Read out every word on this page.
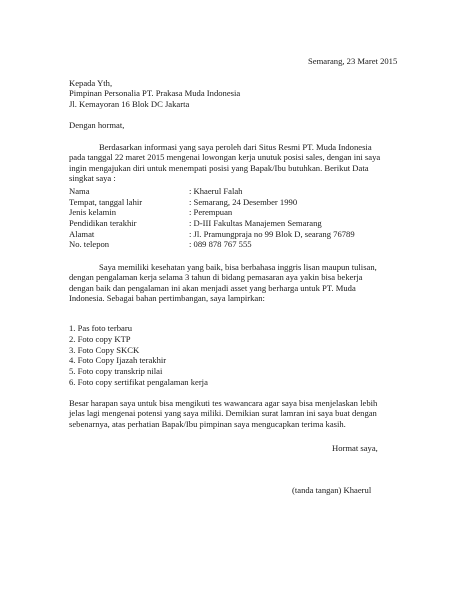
Semarang, 23 Maret 2015
Kepada Yth,
Pimpinan Personalia PT. Prakasa Muda Indonesia
Jl. Kemayoran 16 Blok DC Jakarta
Dengan hormat,
Berdasarkan informasi yang saya peroleh dari Situs Resmi PT. Muda Indonesia
pada tanggal 22 maret 2015 mengenai lowongan kerja unutuk posisi sales, dengan ini saya
ingin mengajukan diri untuk menempati posisi yang Bapak/Ibu butuhkan. Berikut Data
singkat saya :
Nama	: Khaerul Falah
Tempat, tanggal lahir	: Semarang, 24 Desember 1990
Jenis kelamin	: Perempuan
Pendidikan terakhir	: D-III Fakultas Manajemen Semarang
Alamat	: Jl. Pramungpraja no 99 Blok D, searang 76789
No. telepon	: 089 878 767 555
Saya memiliki kesehatan yang baik, bisa berbahasa inggris lisan maupun tulisan,
dengan pengalaman kerja selama 3 tahun di bidang pemasaran aya yakin bisa bekerja
dengan baik dan pengalaman ini akan menjadi asset yang berharga untuk PT. Muda
Indonesia. Sebagai bahan pertimbangan, saya lampirkan:
1. Pas foto terbaru
2. Foto copy KTP
3. Foto Copy SKCK
4. Foto Copy Ijazah terakhir
5. Foto copy transkrip nilai
6. Foto copy sertifikat pengalaman kerja
Besar harapan saya untuk bisa mengikuti tes wawancara agar saya bisa menjelaskan lebih
jelas lagi mengenai potensi yang saya miliki. Demikian surat lamran ini saya buat dengan
sebenarnya, atas perhatian Bapak/Ibu pimpinan saya mengucapkan terima kasih.
Hormat saya,
(tanda tangan) Khaerul
